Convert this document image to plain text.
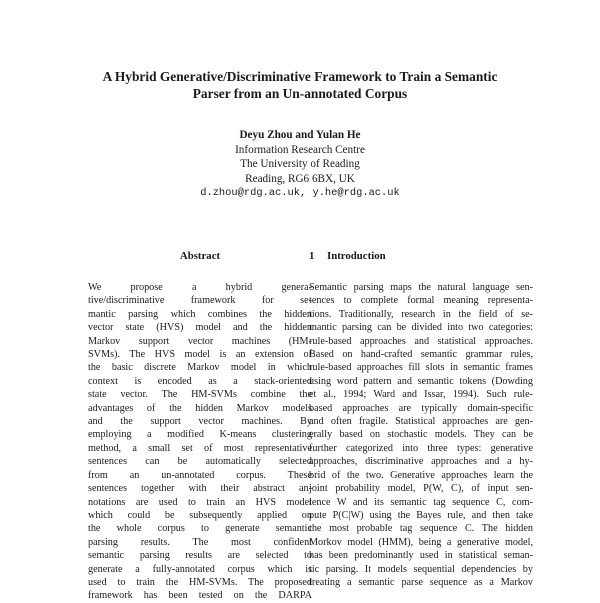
A Hybrid Generative/Discriminative Framework to Train a Semantic
Parser from an Un-annotated Corpus
Deyu Zhou and Yulan He
Information Research Centre
The University of Reading
Reading, RG6 6BX, UK
d.zhou@rdg.ac.uk, y.he@rdg.ac.uk
Abstract
We propose a hybrid genera-
tive/discriminative framework for se-
mantic parsing which combines the hidden
vector state (HVS) model and the hidden
Markov support vector machines (HM-
SVMs). The HVS model is an extension of
the basic discrete Markov model in which
context is encoded as a stack-oriented
state vector. The HM-SVMs combine the
advantages of the hidden Markov models
and the support vector machines. By
employing a modified K-means clustering
method, a small set of most representative
sentences can be automatically selected
from an un-annotated corpus. These
sentences together with their abstract an-
notations are used to train an HVS model
which could be subsequently applied on
the whole corpus to generate semantic
parsing results. The most confident
semantic parsing results are selected to
generate a fully-annotated corpus which is
used to train the HM-SVMs. The proposed
framework has been tested on the DARPA
1 Introduction
Semantic parsing maps the natural language sen-
tences to complete formal meaning representa-
tions. Traditionally, research in the field of se-
mantic parsing can be divided into two categories:
rule-based approaches and statistical approaches.
Based on hand-crafted semantic grammar rules,
rule-based approaches fill slots in semantic frames
using word pattern and semantic tokens (Dowding
et al., 1994; Ward and Issar, 1994). Such rule-
based approaches are typically domain-specific
and often fragile. Statistical approaches are gen-
erally based on stochastic models. They can be
further categorized into three types: generative
approaches, discriminative approaches and a hy-
brid of the two. Generative approaches learn the
joint probability model, P(W, C), of input sen-
tence W and its semantic tag sequence C, com-
pute P(C|W) using the Bayes rule, and then take
the most probable tag sequence C. The hidden
Morkov model (HMM), being a generative model,
has been predominantly used in statistical seman-
tic parsing. It models sequential dependencies by
treating a semantic parse sequence as a Markov
